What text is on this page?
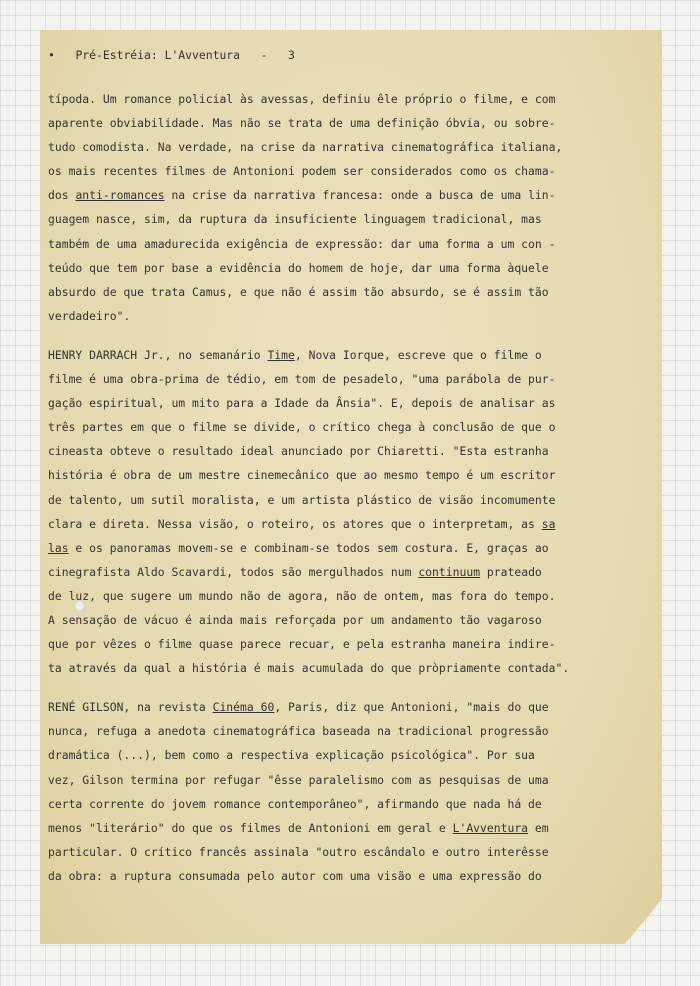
• Pré-Estréia: L'Avventura - 3
típoda. Um romance policial às avessas, definiu êle próprio o filme, e com
aparente obviabilidade. Mas não se trata de uma definição óbvia, ou sobre-
tudo comodista. Na verdade, na crise da narrativa cinematográfica italiana,
os mais recentes filmes de Antonioni podem ser considerados como os chama-
dos anti-romances na crise da narrativa francesa: onde a busca de uma lin-
guagem nasce, sim, da ruptura da insuficiente linguagem tradicional, mas
também de uma amadurecida exigência de expressão: dar uma forma a um con -
teúdo que tem por base a evidência do homem de hoje, dar uma forma àquele
absurdo de que trata Camus, e que não é assim tão absurdo, se é assim tão
verdadeiro".
HENRY DARRACH Jr., no semanário Time, Nova Iorque, escreve que o filme o
filme é uma obra-prima de tédio, em tom de pesadelo, "uma parábola de pur-
gação espiritual, um mito para a Idade da Ânsia". E, depois de analisar as
três partes em que o filme se divide, o crítico chega à conclusão de que o
cineasta obteve o resultado ideal anunciado por Chiaretti. "Esta estranha
história é obra de um mestre cinemecânico que ao mesmo tempo é um escritor
de talento, um sutil moralista, e um artista plástico de visão incomumente
clara e direta. Nessa visão, o roteiro, os atores que o interpretam, as sa
las e os panoramas movem-se e combinam-se todos sem costura. E, graças ao
cinegrafista Aldo Scavardi, todos são mergulhados num continuum prateado
de luz, que sugere um mundo não de agora, não de ontem, mas fora do tempo.
A sensação de vácuo é ainda mais reforçada por um andamento tão vagaroso
que por vêzes o filme quase parece recuar, e pela estranha maneira indire-
ta através da qual a história é mais acumulada do que pròpriamente contada".
RENÉ GILSON, na revista Cinéma 60, Paris, diz que Antonioni, "mais do que
nunca, refuga a anedota cinematográfica baseada na tradicional progressão
dramática (...), bem como a respectiva explicação psicológica". Por sua
vez, Gilson termina por refugar "êsse paralelismo com as pesquisas de uma
certa corrente do jovem romance contemporâneo", afirmando que nada há de
menos "literário" do que os filmes de Antonioni em geral e L'Avventura em
particular. O crítico francês assinala "outro escândalo e outro interêsse
da obra: a ruptura consumada pelo autor com uma visão e uma expressão do
